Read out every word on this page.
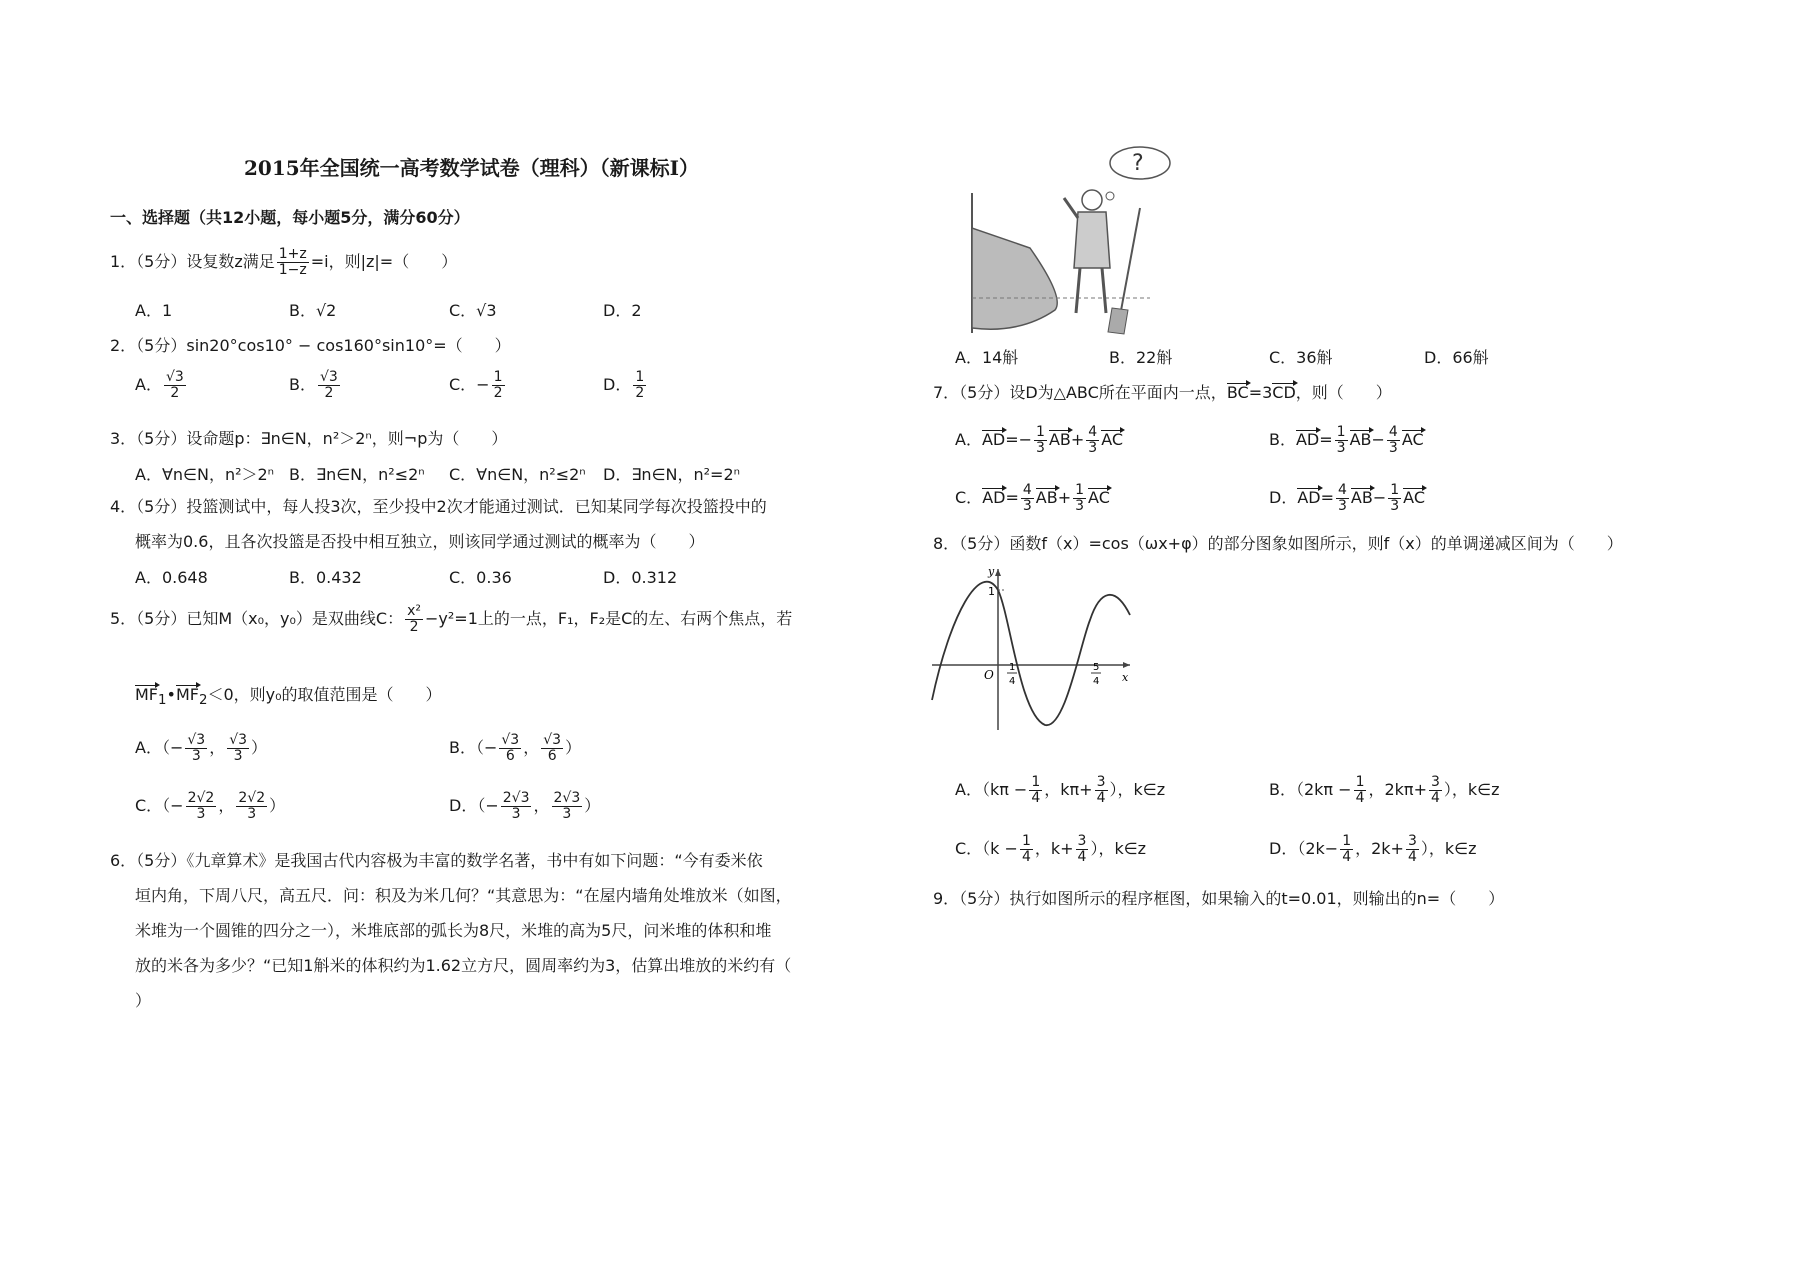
2015年全国统一高考数学试卷（理科）（新课标I）
一、选择题（共12小题，每小题5分，满分60分）
1．（5分）设复数z满足 $\frac{1+z}{1-z} =i$，则|z|=（　　）
A．1	B．√2	C．√3	D．2
2．（5分）sin20°cos10° − cos160°sin10°=（　　）
A． $\frac{√3}{2}$	B． $\frac{√3}{2}$	C．− $\frac{1}{2}$	D． $\frac{1}{2}$
3．（5分）设命题p：∃n∈N，n²＞2ⁿ，则¬p为（　　）
A．∀n∈N，n²＞2ⁿ B．∃n∈N，n²≤2ⁿ C．∀n∈N，n²≤2ⁿ D．∃n∈N，n²=2ⁿ
4．（5分）投篮测试中，每人投3次，至少投中2次才能通过测试．已知某同学每次投篮投中的
概率为0.6，且各次投篮是否投中相互独立，则该同学通过测试的概率为（　　）
A．0.648	B．0.432	C．0.36	D．0.312
5．（5分）已知M（x₀，y₀）是双曲线C： $\frac{\text{x²}}{2} -y^2=1$上的一点，F₁，F₂是C的左、右两个焦点，若
$MF_1•MF_2<0$，则y₀的取值范围是（　　）
A．（− $\frac{√3}{3}$ ， $\frac{√3}{3}$ ）	B．（− $\frac{√3}{6}$ ， $\frac{√3}{6}$ ）
C．（− $\frac{2√2}{3}$ ， $\frac{2√2}{3}$ ）	D．（− $\frac{2√3}{3}$ ， $\frac{2√3}{3}$ ）
6．（5分）《九章算术》是我国古代内容极为丰富的数学名著，书中有如下问题：“今有委米依
垣内角，下周八尺，高五尺．问：积及为米几何？“其意思为：“在屋内墙角处堆放米（如图，
米堆为一个圆锥的四分之一），米堆底部的弧长为8尺，米堆的高为5尺，问米堆的体积和堆
放的米各为多少？“已知1斛米的体积约为1.62立方尺，圆周率约为3，估算出堆放的米约有（
）
?
A．14斛	B．22斛	C．36斛	D．66斛
7．（5分）设D为△ABC所在平面内一点，BC=3CD，则（　　）
A．$AD=- \frac{1}{3} AB+ \frac{4}{3}$ AC	B．$AD= \frac{1}{3} AB- \frac{4}{3}$ AC
C．$AD= \frac{4}{3} AB+ \frac{1}{3}$ AC	D．$AD= \frac{4}{3} AB- \frac{1}{3}$ AC
8．（5分）函数f（x）=cos（ωx+φ）的部分图象如图所示，则f（x）的单调递减区间为（　　）
y
x
O
1
1
4
5
4
A．（$k\pi - \frac{1}{4}$ ，$k\pi+ \frac{3}{4}$ ），k∈z	B．（$2k\pi - \frac{1}{4}$ ，$2k\pi+ \frac{3}{4}$ ），k∈z
C．（$k - \frac{1}{4}$ ，$k+ \frac{3}{4}$ ），k∈z	D．（$2k- \frac{1}{4}$ ，$2k+ \frac{3}{4}$ ），k∈z
9．（5分）执行如图所示的程序框图，如果输入的t=0.01，则输出的n=（　　）
